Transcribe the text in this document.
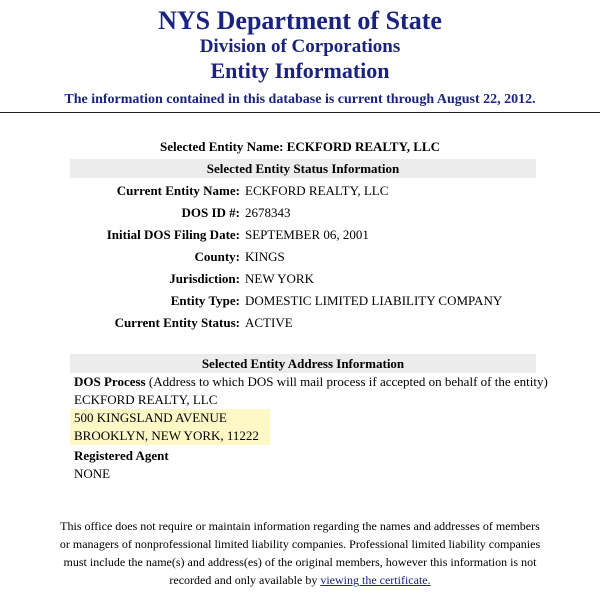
NYS Department of State
Division of Corporations
Entity Information
The information contained in this database is current through August 22, 2012.
Selected Entity Name: ECKFORD REALTY, LLC
Selected Entity Status Information
Current Entity Name:	ECKFORD REALTY, LLC
DOS ID #:	2678343
Initial DOS Filing Date:	SEPTEMBER 06, 2001
County:	KINGS
Jurisdiction:	NEW YORK
Entity Type:	DOMESTIC LIMITED LIABILITY COMPANY
Current Entity Status:	ACTIVE
Selected Entity Address Information
DOS Process (Address to which DOS will mail process if accepted on behalf of the entity)
ECKFORD REALTY, LLC
500 KINGSLAND AVENUE
BROOKLYN, NEW YORK, 11222
Registered Agent
NONE
This office does not require or maintain information regarding the names and addresses of members
or managers of nonprofessional limited liability companies. Professional limited liability companies
must include the name(s) and address(es) of the original members, however this information is not
recorded and only available by viewing the certificate.
